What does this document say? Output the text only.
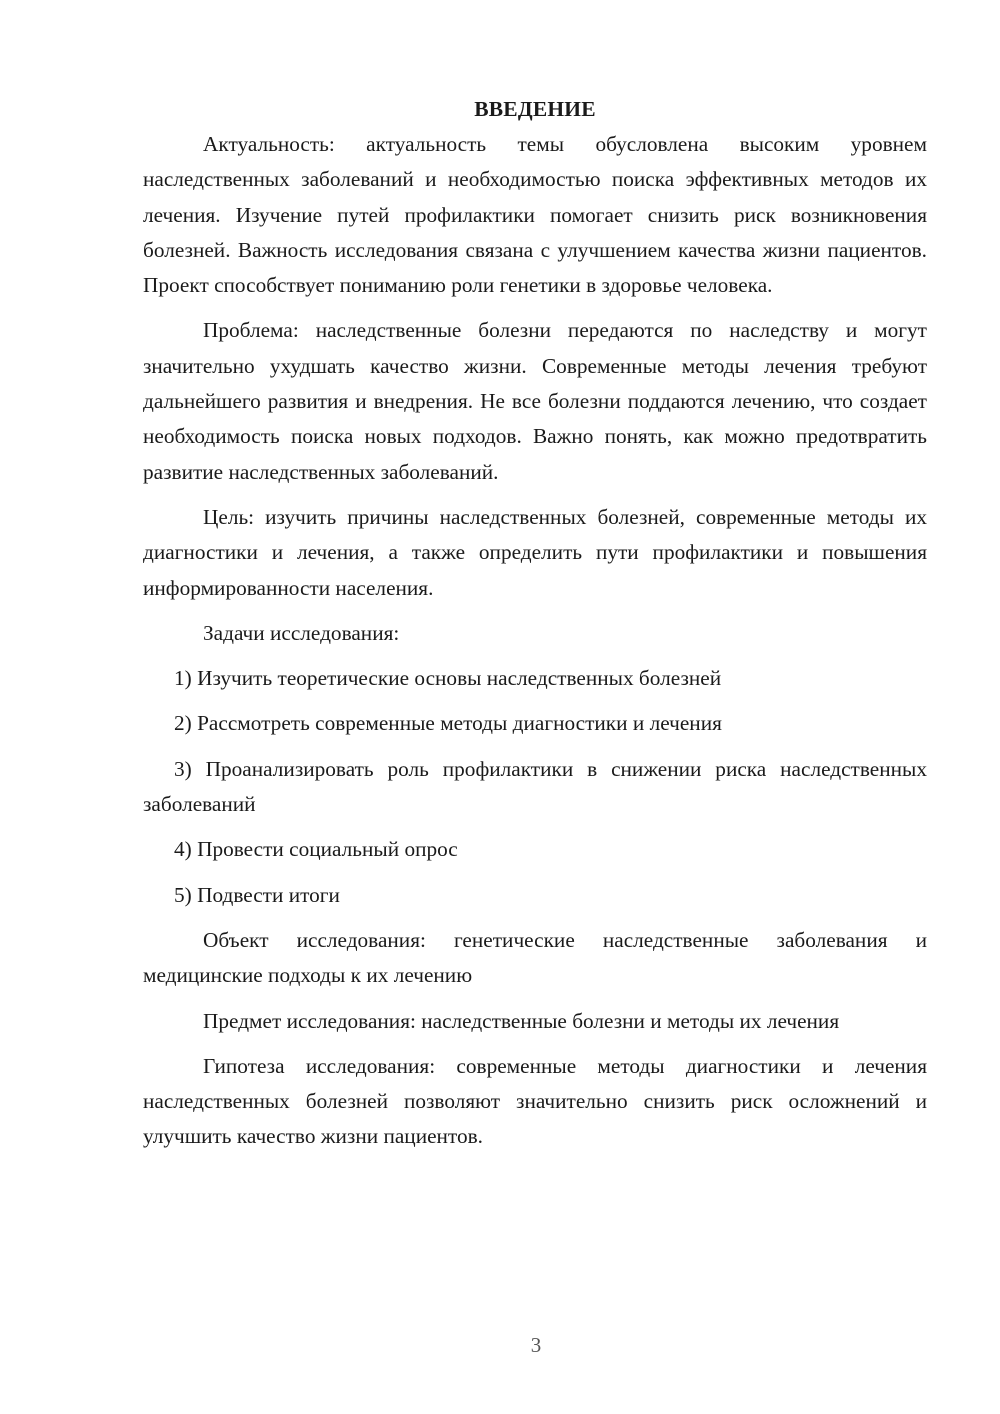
ВВЕДЕНИЕ

Актуальность: актуальность темы обусловлена высоким уровнем наследственных заболеваний и необходимостью поиска эффективных методов их лечения. Изучение путей профилактики помогает снизить риск возникновения болезней. Важность исследования связана с улучшением качества жизни пациентов. Проект способствует пониманию роли генетики в здоровье человека.

Проблема: наследственные болезни передаются по наследству и могут значительно ухудшать качество жизни. Современные методы лечения требуют дальнейшего развития и внедрения. Не все болезни поддаются лечению, что создает необходимость поиска новых подходов. Важно понять, как можно предотвратить развитие наследственных заболеваний.

Цель: изучить причины наследственных болезней, современные методы их диагностики и лечения, а также определить пути профилактики и повышения информированности населения.

Задачи исследования:

1) Изучить теоретические основы наследственных болезней

2) Рассмотреть современные методы диагностики и лечения

3) Проанализировать роль профилактики в снижении риска наследственных заболеваний

4) Провести социальный опрос

5) Подвести итоги

Объект исследования: генетические наследственные заболевания и медицинские подходы к их лечению

Предмет исследования: наследственные болезни и методы их лечения

Гипотеза исследования: современные методы диагностики и лечения наследственных болезней позволяют значительно снизить риск осложнений и улучшить качество жизни пациентов.

3
